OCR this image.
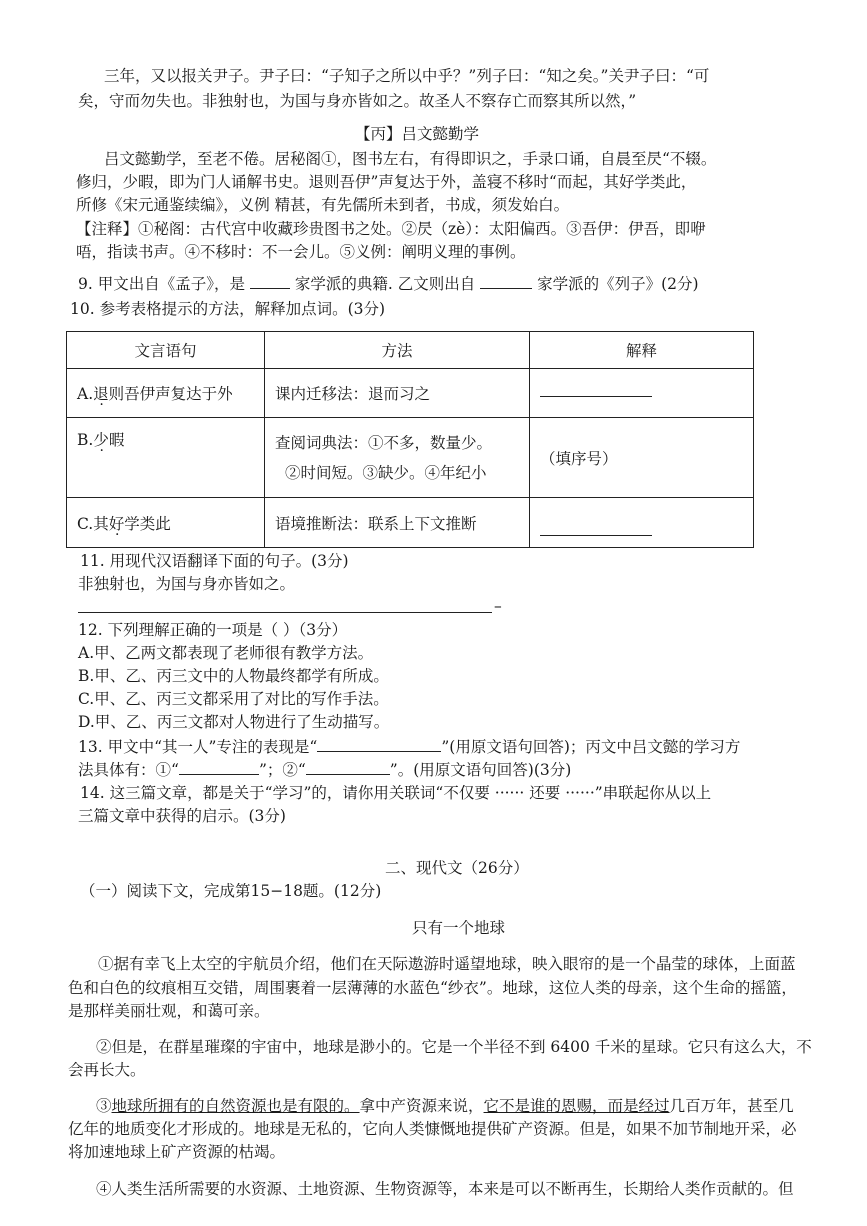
三年，又以报关尹子。尹子曰：“子知子之所以中乎？”列子曰：“知之矣。”关尹子曰：“可
矣，守而勿失也。非独射也，为国与身亦皆如之。故圣人不察存亡而察其所以然，”
【丙】吕文懿勤学
吕文懿勤学，至老不倦。居秘阁①，图书左右，有得即识之，手录口诵，自晨至昃“不辍。
修归，少暇，即为门人诵解书史。退则吾伊”声复达于外，盖寝不移时“而起，其好学类此，
所修《宋元通鉴续编》，义例 精甚，有先儒所未到者，书成，须发始白。
【注释】①秘阁：古代宫中收藏珍贵图书之处。②昃（zè）：太阳偏西。③吾伊：伊吾，即咿
唔，指读书声。④不移时：不一会儿。⑤义例：阐明义理的事例。
9. 甲文出自《孟子》，是	家学派的典籍. 乙文则出自	家学派的《列子》(2分)
10. 参考表格提示的方法，解释加点词。(3分)
文言语句	方法	解释
A.退则吾伊声复达于外	课内迁移法：退而习之	

B.少暇	查阅词典法：①不多，数量少。
②时间短。③缺少。④年纪小	（填序号）
C.其好学类此	语境推断法：联系上下文推断	
11. 用现代汉语翻译下面的句子。(3分)
非独射也，为国与身亦皆如之。
–
12. 下列理解正确的一项是（ ）（3分）
A.甲、乙两文都表现了老师很有教学方法。
B.甲、乙、丙三文中的人物最终都学有所成。
C.甲、乙、丙三文都采用了对比的写作手法。
D.甲、乙、丙三文都对人物进行了生动描写。
13. 甲文中“其一人”专注的表现是“	”(用原文语句回答)；丙文中吕文懿的学习方
法具体有：①“	”；②“	”。(用原文语句回答)(3分)
14. 这三篇文章，都是关于“学习”的，请你用关联词“不仅要 ······ 还要 ······”串联起你从以上
三篇文章中获得的启示。(3分)
二、现代文（26分）
（一）阅读下文，完成第15−18题。(12分)
只有一个地球
①据有幸飞上太空的宇航员介绍，他们在天际遨游时遥望地球，映入眼帘的是一个晶莹的球体，上面蓝
色和白色的纹痕相互交错，周围裹着一层薄薄的水蓝色“纱衣”。地球，这位人类的母亲，这个生命的摇篮，
是那样美丽壮观，和蔼可亲。
②但是，在群星璀璨的宇宙中，地球是渺小的。它是一个半径不到 6400 千米的星球。它只有这么大，不
会再长大。
③地球所拥有的自然资源也是有限的。拿中产资源来说，它不是谁的恩赐，而是经过几百万年，甚至几
亿年的地质变化才形成的。地球是无私的，它向人类慷慨地提供矿产资源。但是，如果不加节制地开采，必
将加速地球上矿产资源的枯竭。
④人类生活所需要的水资源、土地资源、生物资源等，本来是可以不断再生，长期给人类作贡献的。但
